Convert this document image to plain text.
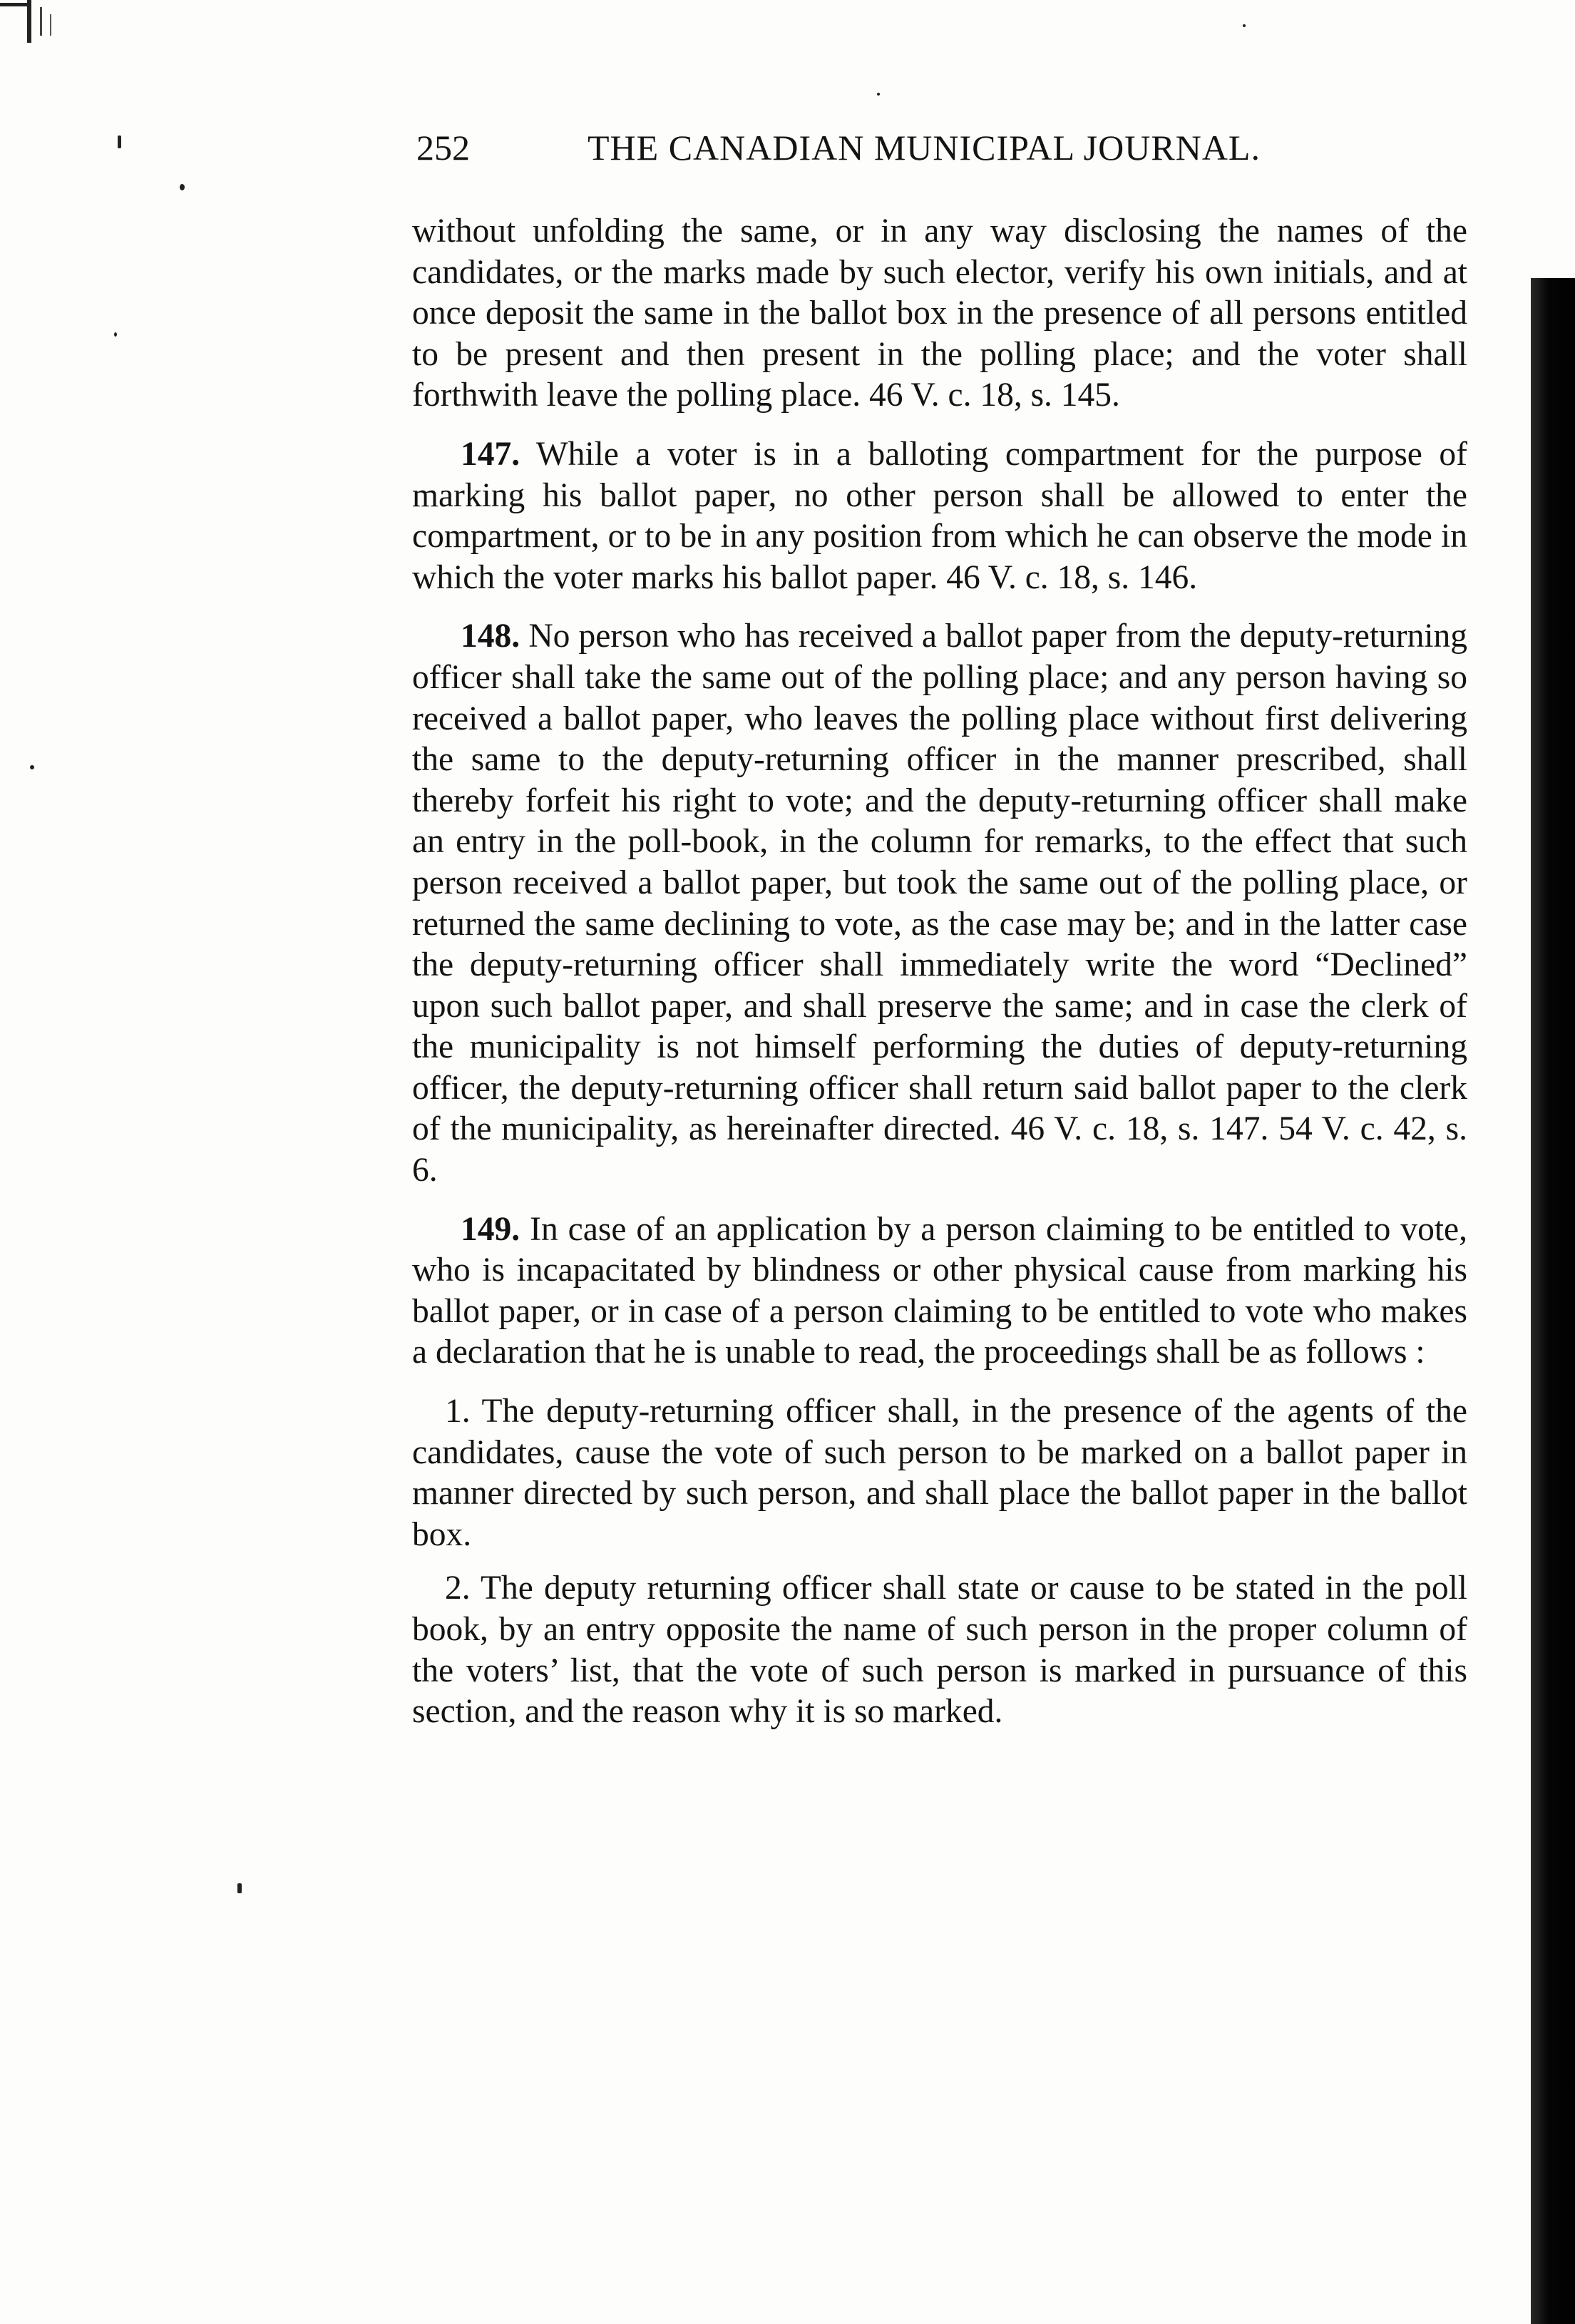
252	THE CANADIAN MUNICIPAL JOURNAL.

without unfolding the same, or in any way disclosing the names of the candidates, or the marks made by such elector, verify his own initials, and at once deposit the same in the ballot box in the presence of all persons entitled to be present and then present in the polling place; and the voter shall forthwith leave the polling place. 46 V. c. 18, s. 145.

147. While a voter is in a balloting compartment for the purpose of marking his ballot paper, no other person shall be allowed to enter the compartment, or to be in any position from which he can observe the mode in which the voter marks his ballot paper. 46 V. c. 18, s. 146.

148. No person who has received a ballot paper from the deputy-returning officer shall take the same out of the polling place; and any person having so received a ballot paper, who leaves the polling place without first delivering the same to the deputy-returning officer in the manner prescribed, shall thereby forfeit his right to vote; and the deputy-returning officer shall make an entry in the poll-book, in the column for remarks, to the effect that such person received a ballot paper, but took the same out of the polling place, or returned the same declining to vote, as the case may be; and in the latter case the deputy-returning officer shall immediately write the word “Declined” upon such ballot paper, and shall preserve the same; and in case the clerk of the municipality is not himself performing the duties of deputy-returning officer, the deputy-returning officer shall return said ballot paper to the clerk of the municipality, as hereinafter directed. 46 V. c. 18, s. 147. 54 V. c. 42, s. 6.

149. In case of an application by a person claiming to be entitled to vote, who is incapacitated by blindness or other physical cause from marking his ballot paper, or in case of a person claiming to be entitled to vote who makes a declaration that he is unable to read, the proceedings shall be as follows :

1. The deputy-returning officer shall, in the presence of the agents of the candidates, cause the vote of such person to be marked on a ballot paper in manner directed by such person, and shall place the ballot paper in the ballot box.

2. The deputy returning officer shall state or cause to be stated in the poll book, by an entry opposite the name of such person in the proper column of the voters’ list, that the vote of such person is marked in pursuance of this section, and the reason why it is so marked.
